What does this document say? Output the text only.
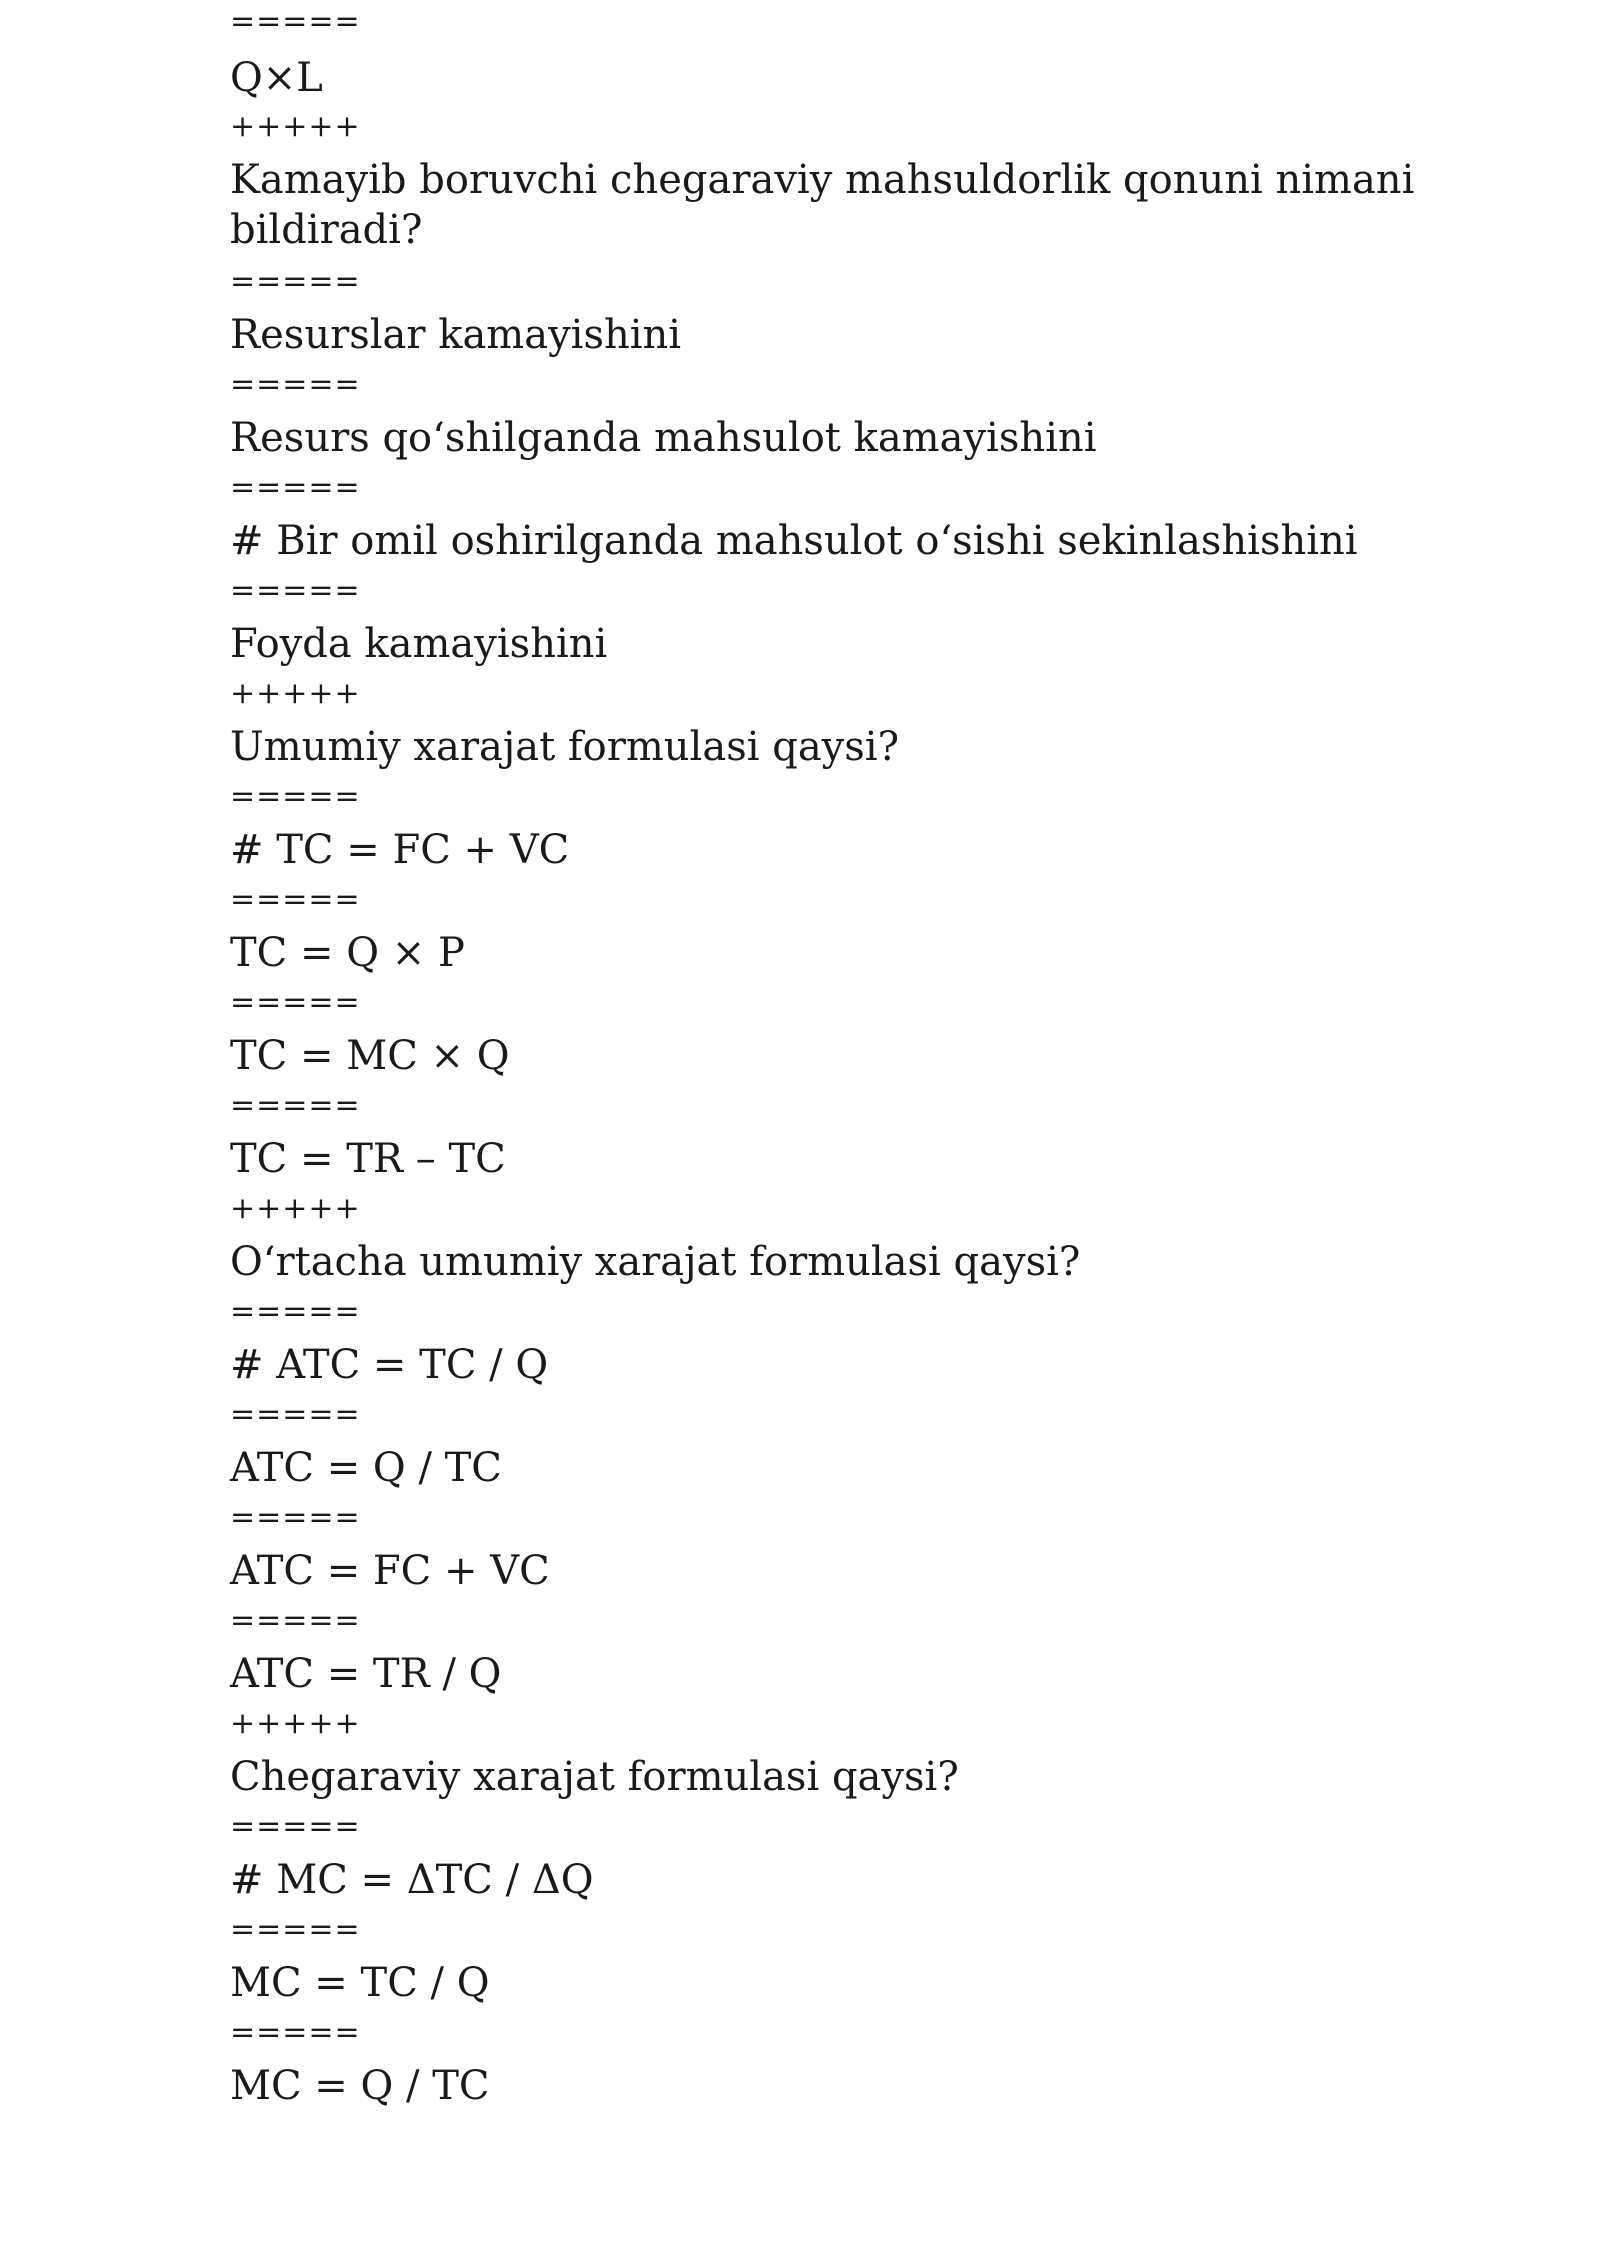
=====
Q×L
+++++
Kamayib boruvchi chegaraviy mahsuldorlik qonuni nimani
bildiradi?
=====
Resurslar kamayishini
=====
Resurs qo‘shilganda mahsulot kamayishini
=====
# Bir omil oshirilganda mahsulot o‘sishi sekinlashishini
=====
Foyda kamayishini
+++++
Umumiy xarajat formulasi qaysi?
=====
# TC = FC + VC
=====
TC = Q × P
=====
TC = MC × Q
=====
TC = TR – TC
+++++
O‘rtacha umumiy xarajat formulasi qaysi?
=====
# ATC = TC / Q
=====
ATC = Q / TC
=====
ATC = FC + VC
=====
ATC = TR / Q
+++++
Chegaraviy xarajat formulasi qaysi?
=====
# MC = ΔTC / ΔQ
=====
MC = TC / Q
=====
MC = Q / TC
